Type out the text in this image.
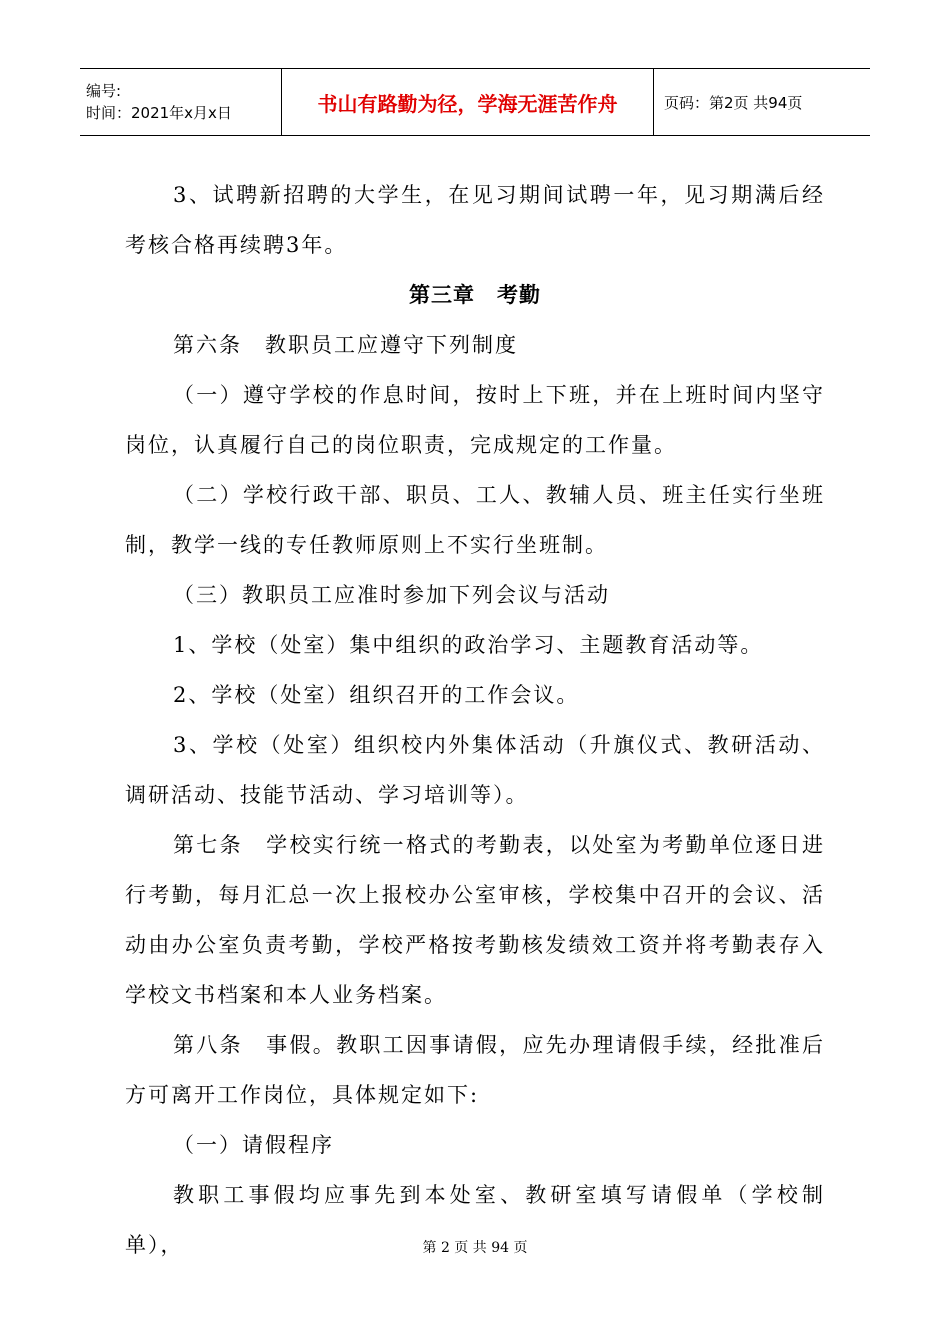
编号:
时间：2021年x月x日	书山有路勤为径，学海无涯苦作舟	页码：第2页 共94页

3、试聘新招聘的大学生，在见习期间试聘一年，见习期满后经考核合格再续聘3年。

第三章　考勤

第六条　教职员工应遵守下列制度

（一）遵守学校的作息时间，按时上下班，并在上班时间内坚守岗位，认真履行自己的岗位职责，完成规定的工作量。

（二）学校行政干部、职员、工人、教辅人员、班主任实行坐班制，教学一线的专任教师原则上不实行坐班制。

（三）教职员工应准时参加下列会议与活动

1、学校（处室）集中组织的政治学习、主题教育活动等。

2、学校（处室）组织召开的工作会议。

3、学校（处室）组织校内外集体活动（升旗仪式、教研活动、调研活动、技能节活动、学习培训等）。

第七条　学校实行统一格式的考勤表，以处室为考勤单位逐日进行考勤，每月汇总一次上报校办公室审核，学校集中召开的会议、活动由办公室负责考勤，学校严格按考勤核发绩效工资并将考勤表存入学校文书档案和本人业务档案。

第八条　事假。教职工因事请假，应先办理请假手续，经批准后方可离开工作岗位，具体规定如下:

（一）请假程序

教职工事假均应事先到本处室、教研室填写请假单（学校制单），	第 2 页 共 94 页
